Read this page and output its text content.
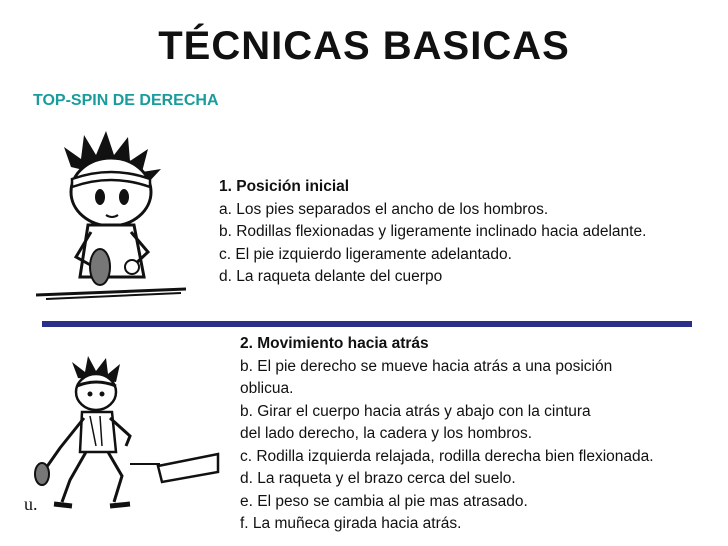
TÉCNICAS BASICAS
TOP-SPIN DE DERECHA
1. Posición inicial
a. Los pies separados el ancho de los hombros.
b. Rodillas flexionadas y ligeramente inclinado hacia adelante.
c. El pie izquierdo ligeramente adelantado.
d. La raqueta delante del cuerpo
u.
2. Movimiento hacia atrás
b. El pie derecho se mueve hacia atrás a una posición
oblicua.
b. Girar el cuerpo hacia atrás y abajo con la cintura
del lado derecho, la cadera y los hombros.
c. Rodilla izquierda relajada, rodilla derecha bien flexionada.
d. La raqueta y el brazo cerca del suelo.
e. El peso se cambia al pie mas atrasado.
f. La muñeca girada hacia atrás.
